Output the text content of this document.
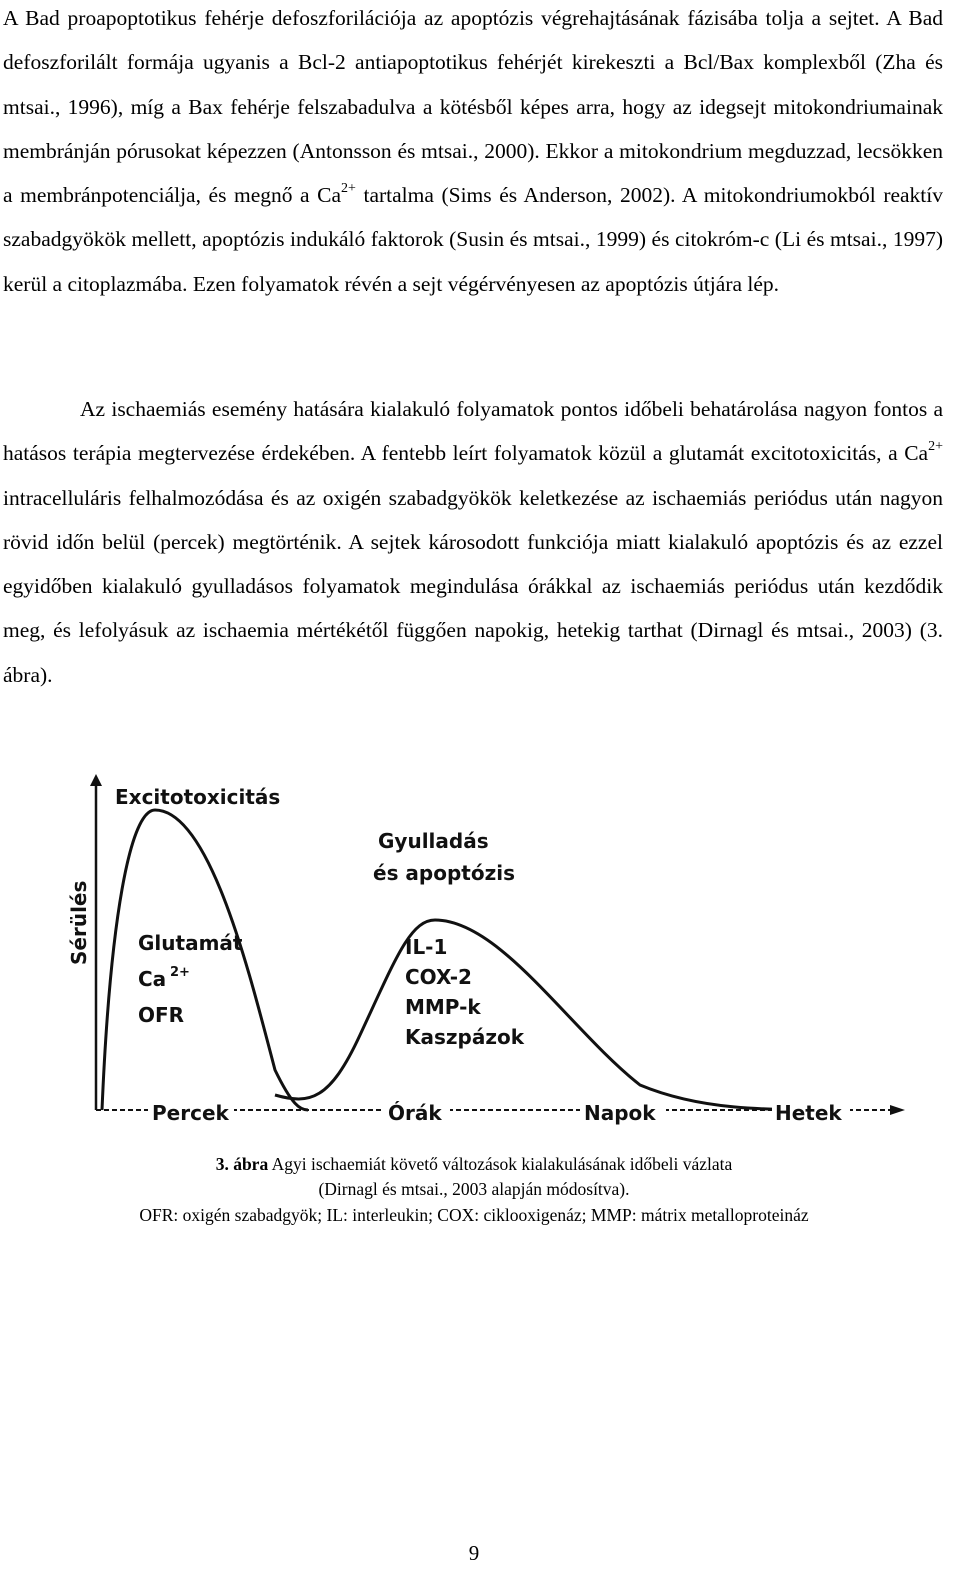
A Bad proapoptotikus fehérje defoszforilációja az apoptózis végrehajtásának fázisába tolja a sejtet. A Bad defoszforilált formája ugyanis a Bcl-2 antiapoptotikus fehérjét kirekeszti a Bcl/Bax komplexből (Zha és mtsai., 1996), míg a Bax fehérje felszabadulva a kötésből képes arra, hogy az idegsejt mitokondriumainak membránján pórusokat képezzen (Antonsson és mtsai., 2000). Ekkor a mitokondrium megduzzad, lecsökken a membránpotenciálja, és megnő a $Ca^{2+}$ tartalma (Sims és Anderson, 2002). A mitokondriumokból reaktív szabadgyökök mellett, apoptózis indukáló faktorok (Susin és mtsai., 1999) és citokróm-c (Li és mtsai., 1997) kerül a citoplazmába. Ezen folyamatok révén a sejt végérvényesen az apoptózis útjára lép.
Az ischaemiás esemény hatására kialakuló folyamatok pontos időbeli behatárolása nagyon fontos a hatásos terápia megtervezése érdekében. A fentebb leírt folyamatok közül a glutamát excitotoxicitás, a $Ca^{2+}$ intracelluláris felhalmozódása és az oxigén szabadgyökök keletkezése az ischaemiás periódus után nagyon rövid időn belül (percek) megtörténik. A sejtek károsodott funkciója miatt kialakuló apoptózis és az ezzel egyidőben kialakuló gyulladásos folyamatok megindulása órákkal az ischaemiás periódus után kezdődik meg, és lefolyásuk az ischaemia mértékétől függően napokig, hetekig tarthat (Dirnagl és mtsai., 2003) (3. ábra).
Sérülés
Excitotoxicitás
Glutamát
Ca 2+
OFR
Gyulladás
és apoptózis
IL-1
COX-2
MMP-k
Kaszpázok
Percek	Órák	Napok	Hetek
3. ábra Agyi ischaemiát követő változások kialakulásának időbeli vázlata
(Dirnagl és mtsai., 2003 alapján módosítva).
OFR: oxigén szabadgyök; IL: interleukin; COX: ciklooxigenáz; MMP: mátrix metalloproteináz
9
